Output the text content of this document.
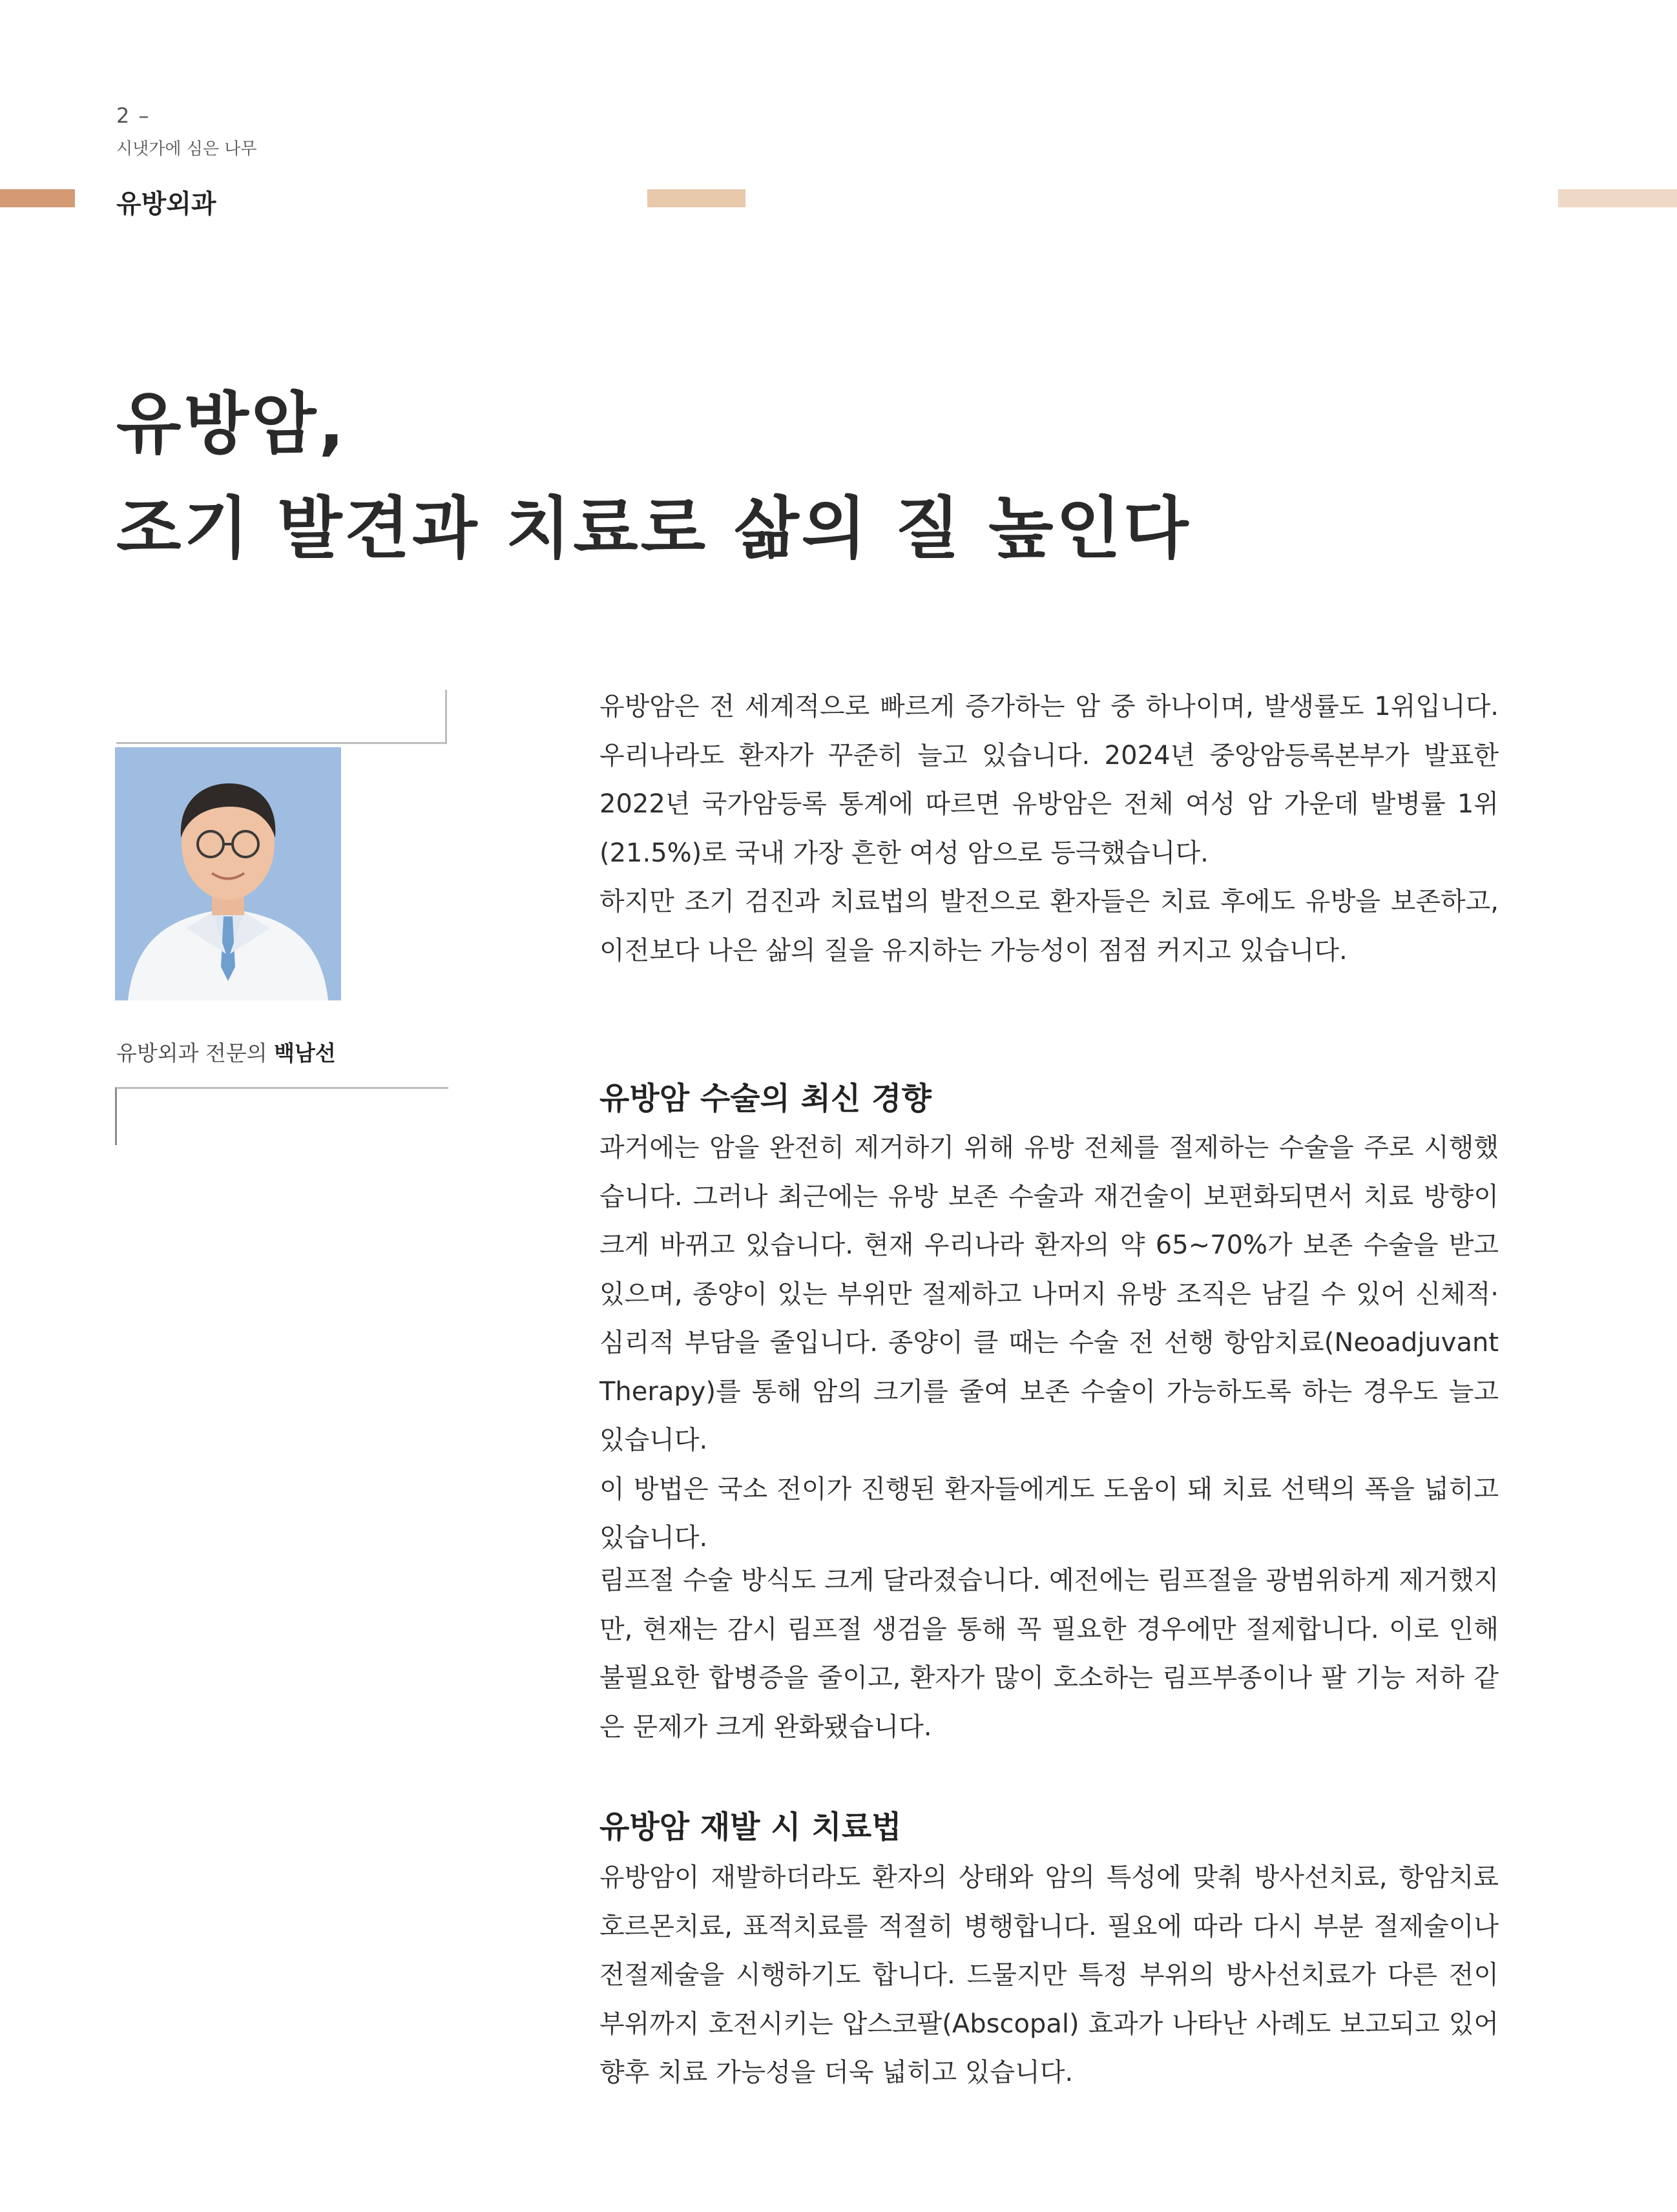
2 –
시냇가에 심은 나무
유방외과
유방암,
조기 발견과 치료로 삶의 질 높인다
유방외과 전문의 백남선

유방암은 전 세계적으로 빠르게 증가하는 암 중 하나이며, 발생률도 1위입니다. 우리나라도 환자가 꾸준히 늘고 있습니다. 2024년 중앙암등록본부가 발표한 2022년 국가암등록 통계에 따르면 유방암은 전체 여성 암 가운데 발병률 1위(21.5%)로 국내 가장 흔한 여성 암으로 등극했습니다.

하지만 조기 검진과 치료법의 발전으로 환자들은 치료 후에도 유방을 보존하고, 이전보다 나은 삶의 질을 유지하는 가능성이 점점 커지고 있습니다.

유방암 수술의 최신 경향

과거에는 암을 완전히 제거하기 위해 유방 전체를 절제하는 수술을 주로 시행했습니다. 그러나 최근에는 유방 보존 수술과 재건술이 보편화되면서 치료 방향이 크게 바뀌고 있습니다. 현재 우리나라 환자의 약 65~70%가 보존 수술을 받고 있으며, 종양이 있는 부위만 절제하고 나머지 유방 조직은 남길 수 있어 신체적·심리적 부담을 줄입니다. 종양이 클 때는 수술 전 선행 항암치료(Neoadjuvant Therapy)를 통해 암의 크기를 줄여 보존 수술이 가능하도록 하는 경우도 늘고 있습니다.

이 방법은 국소 전이가 진행된 환자들에게도 도움이 돼 치료 선택의 폭을 넓히고 있습니다.

림프절 수술 방식도 크게 달라졌습니다. 예전에는 림프절을 광범위하게 제거했지만, 현재는 감시 림프절 생검을 통해 꼭 필요한 경우에만 절제합니다. 이로 인해 불필요한 합병증을 줄이고, 환자가 많이 호소하는 림프부종이나 팔 기능 저하 같은 문제가 크게 완화됐습니다.

유방암 재발 시 치료법

유방암이 재발하더라도 환자의 상태와 암의 특성에 맞춰 방사선치료, 항암치료 호르몬치료, 표적치료를 적절히 병행합니다. 필요에 따라 다시 부분 절제술이나 전절제술을 시행하기도 합니다. 드물지만 특정 부위의 방사선치료가 다른 전이 부위까지 호전시키는 압스코팔(Abscopal) 효과가 나타난 사례도 보고되고 있어 향후 치료 가능성을 더욱 넓히고 있습니다.
